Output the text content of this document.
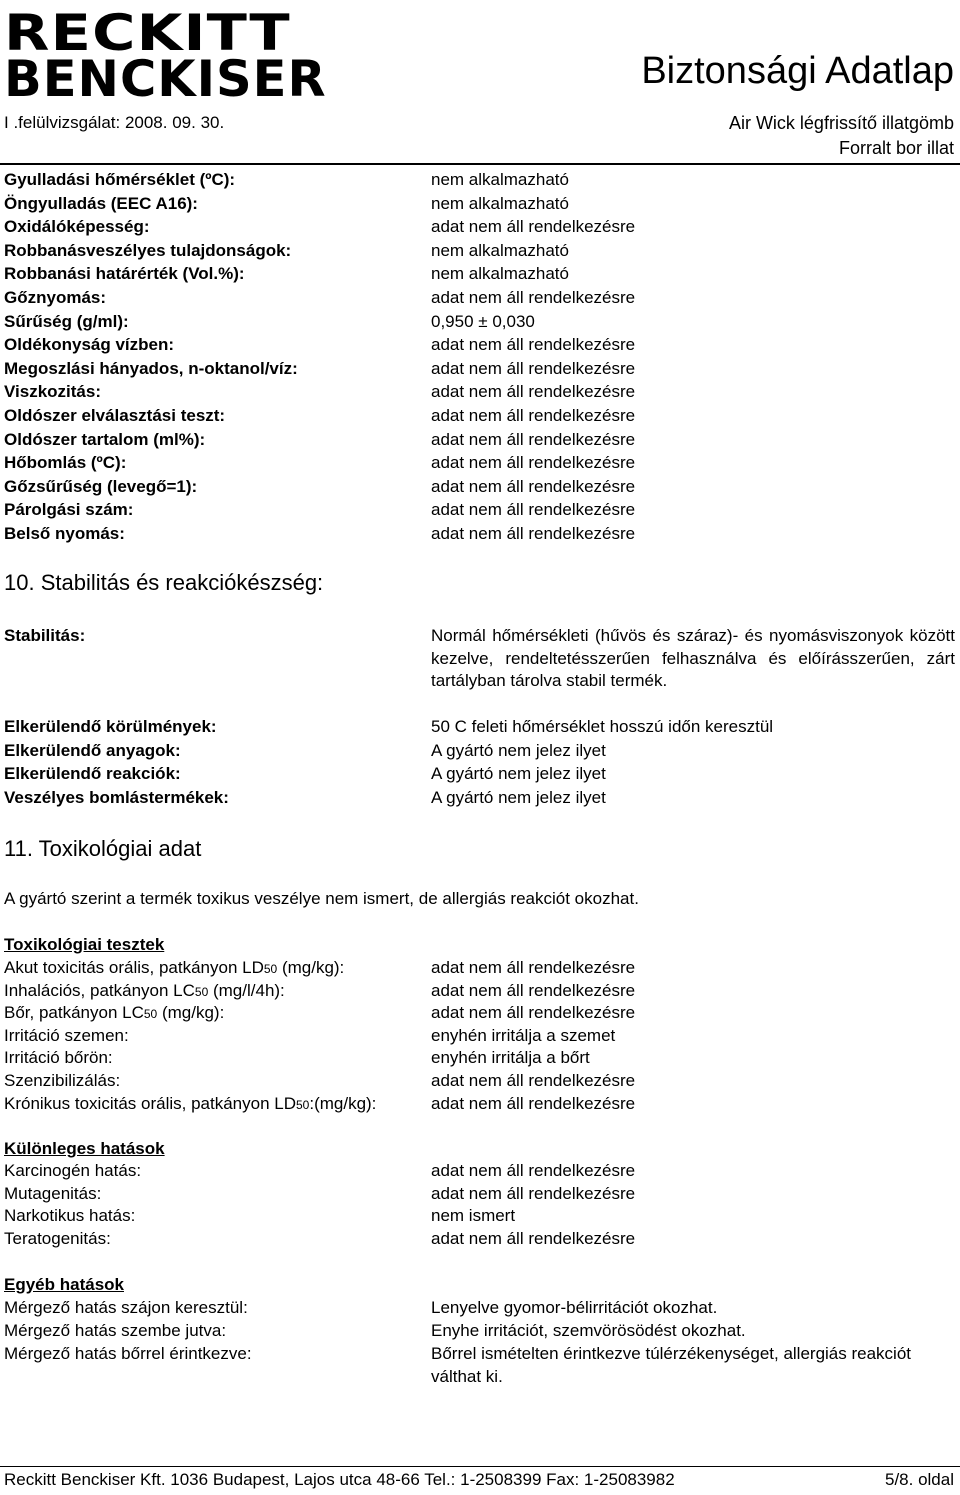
RECKITT
BENCKISER	Biztonsági Adatlap
I .felülvizsgálat: 2008. 09. 30.	Air Wick légfrissítő illatgömb
Forralt bor illat
Gyulladási hőmérséklet (ºC):	nem alkalmazható
Öngyulladás (EEC A16):	nem alkalmazható
Oxidálóképesség:	adat nem áll rendelkezésre
Robbanásveszélyes tulajdonságok:	nem alkalmazható
Robbanási határérték (Vol.%):	nem alkalmazható
Gőznyomás:	adat nem áll rendelkezésre
Sűrűség (g/ml):	0,950 ± 0,030
Oldékonyság vízben:	adat nem áll rendelkezésre
Megoszlási hányados, n-oktanol/víz:	adat nem áll rendelkezésre
Viszkozitás:	adat nem áll rendelkezésre
Oldószer elválasztási teszt:	adat nem áll rendelkezésre
Oldószer tartalom (ml%):	adat nem áll rendelkezésre
Hőbomlás (ºC):	adat nem áll rendelkezésre
Gőzsűrűség (levegő=1):	adat nem áll rendelkezésre
Párolgási szám:	adat nem áll rendelkezésre
Belső nyomás:	adat nem áll rendelkezésre
10. Stabilitás és reakciókészség:
Stabilitás:	Normál hőmérsékleti (hűvös és száraz)- és nyomásviszonyok között kezelve, rendeltetésszerűen felhasználva és előírásszerűen, zárt tartályban tárolva stabil termék.
Elkerülendő körülmények:	50 C feleti hőmérséklet hosszú időn keresztül
Elkerülendő anyagok:	A gyártó nem jelez ilyet
Elkerülendő reakciók:	A gyártó nem jelez ilyet
Veszélyes bomlástermékek:	A gyártó nem jelez ilyet
11. Toxikológiai adat
A gyártó szerint a termék toxikus veszélye nem ismert, de allergiás reakciót okozhat.
Toxikológiai tesztek
Akut toxicitás orális, patkányon LD50 (mg/kg):	adat nem áll rendelkezésre
Inhalációs, patkányon LC50 (mg/l/4h):	adat nem áll rendelkezésre
Bőr, patkányon LC50 (mg/kg):	adat nem áll rendelkezésre
Irritáció szemen:	enyhén irritálja a szemet
Irritáció bőrön:	enyhén irritálja a bőrt
Szenzibilizálás:	adat nem áll rendelkezésre
Krónikus toxicitás orális, patkányon LD50:(mg/kg):	adat nem áll rendelkezésre
Különleges hatások
Karcinogén hatás:	adat nem áll rendelkezésre
Mutagenitás:	adat nem áll rendelkezésre
Narkotikus hatás:	nem ismert
Teratogenitás:	adat nem áll rendelkezésre
Egyéb hatások
Mérgező hatás szájon keresztül:	Lenyelve gyomor-bélirritációt okozhat.
Mérgező hatás szembe jutva:	Enyhe irritációt, szemvörösödést okozhat.
Mérgező hatás bőrrel érintkezve:	Bőrrel ismételten érintkezve túlérzékenységet, allergiás reakciót válthat ki.
Reckitt Benckiser Kft. 1036 Budapest, Lajos utca 48-66 Tel.: 1-2508399 Fax: 1-25083982	5/8. oldal
